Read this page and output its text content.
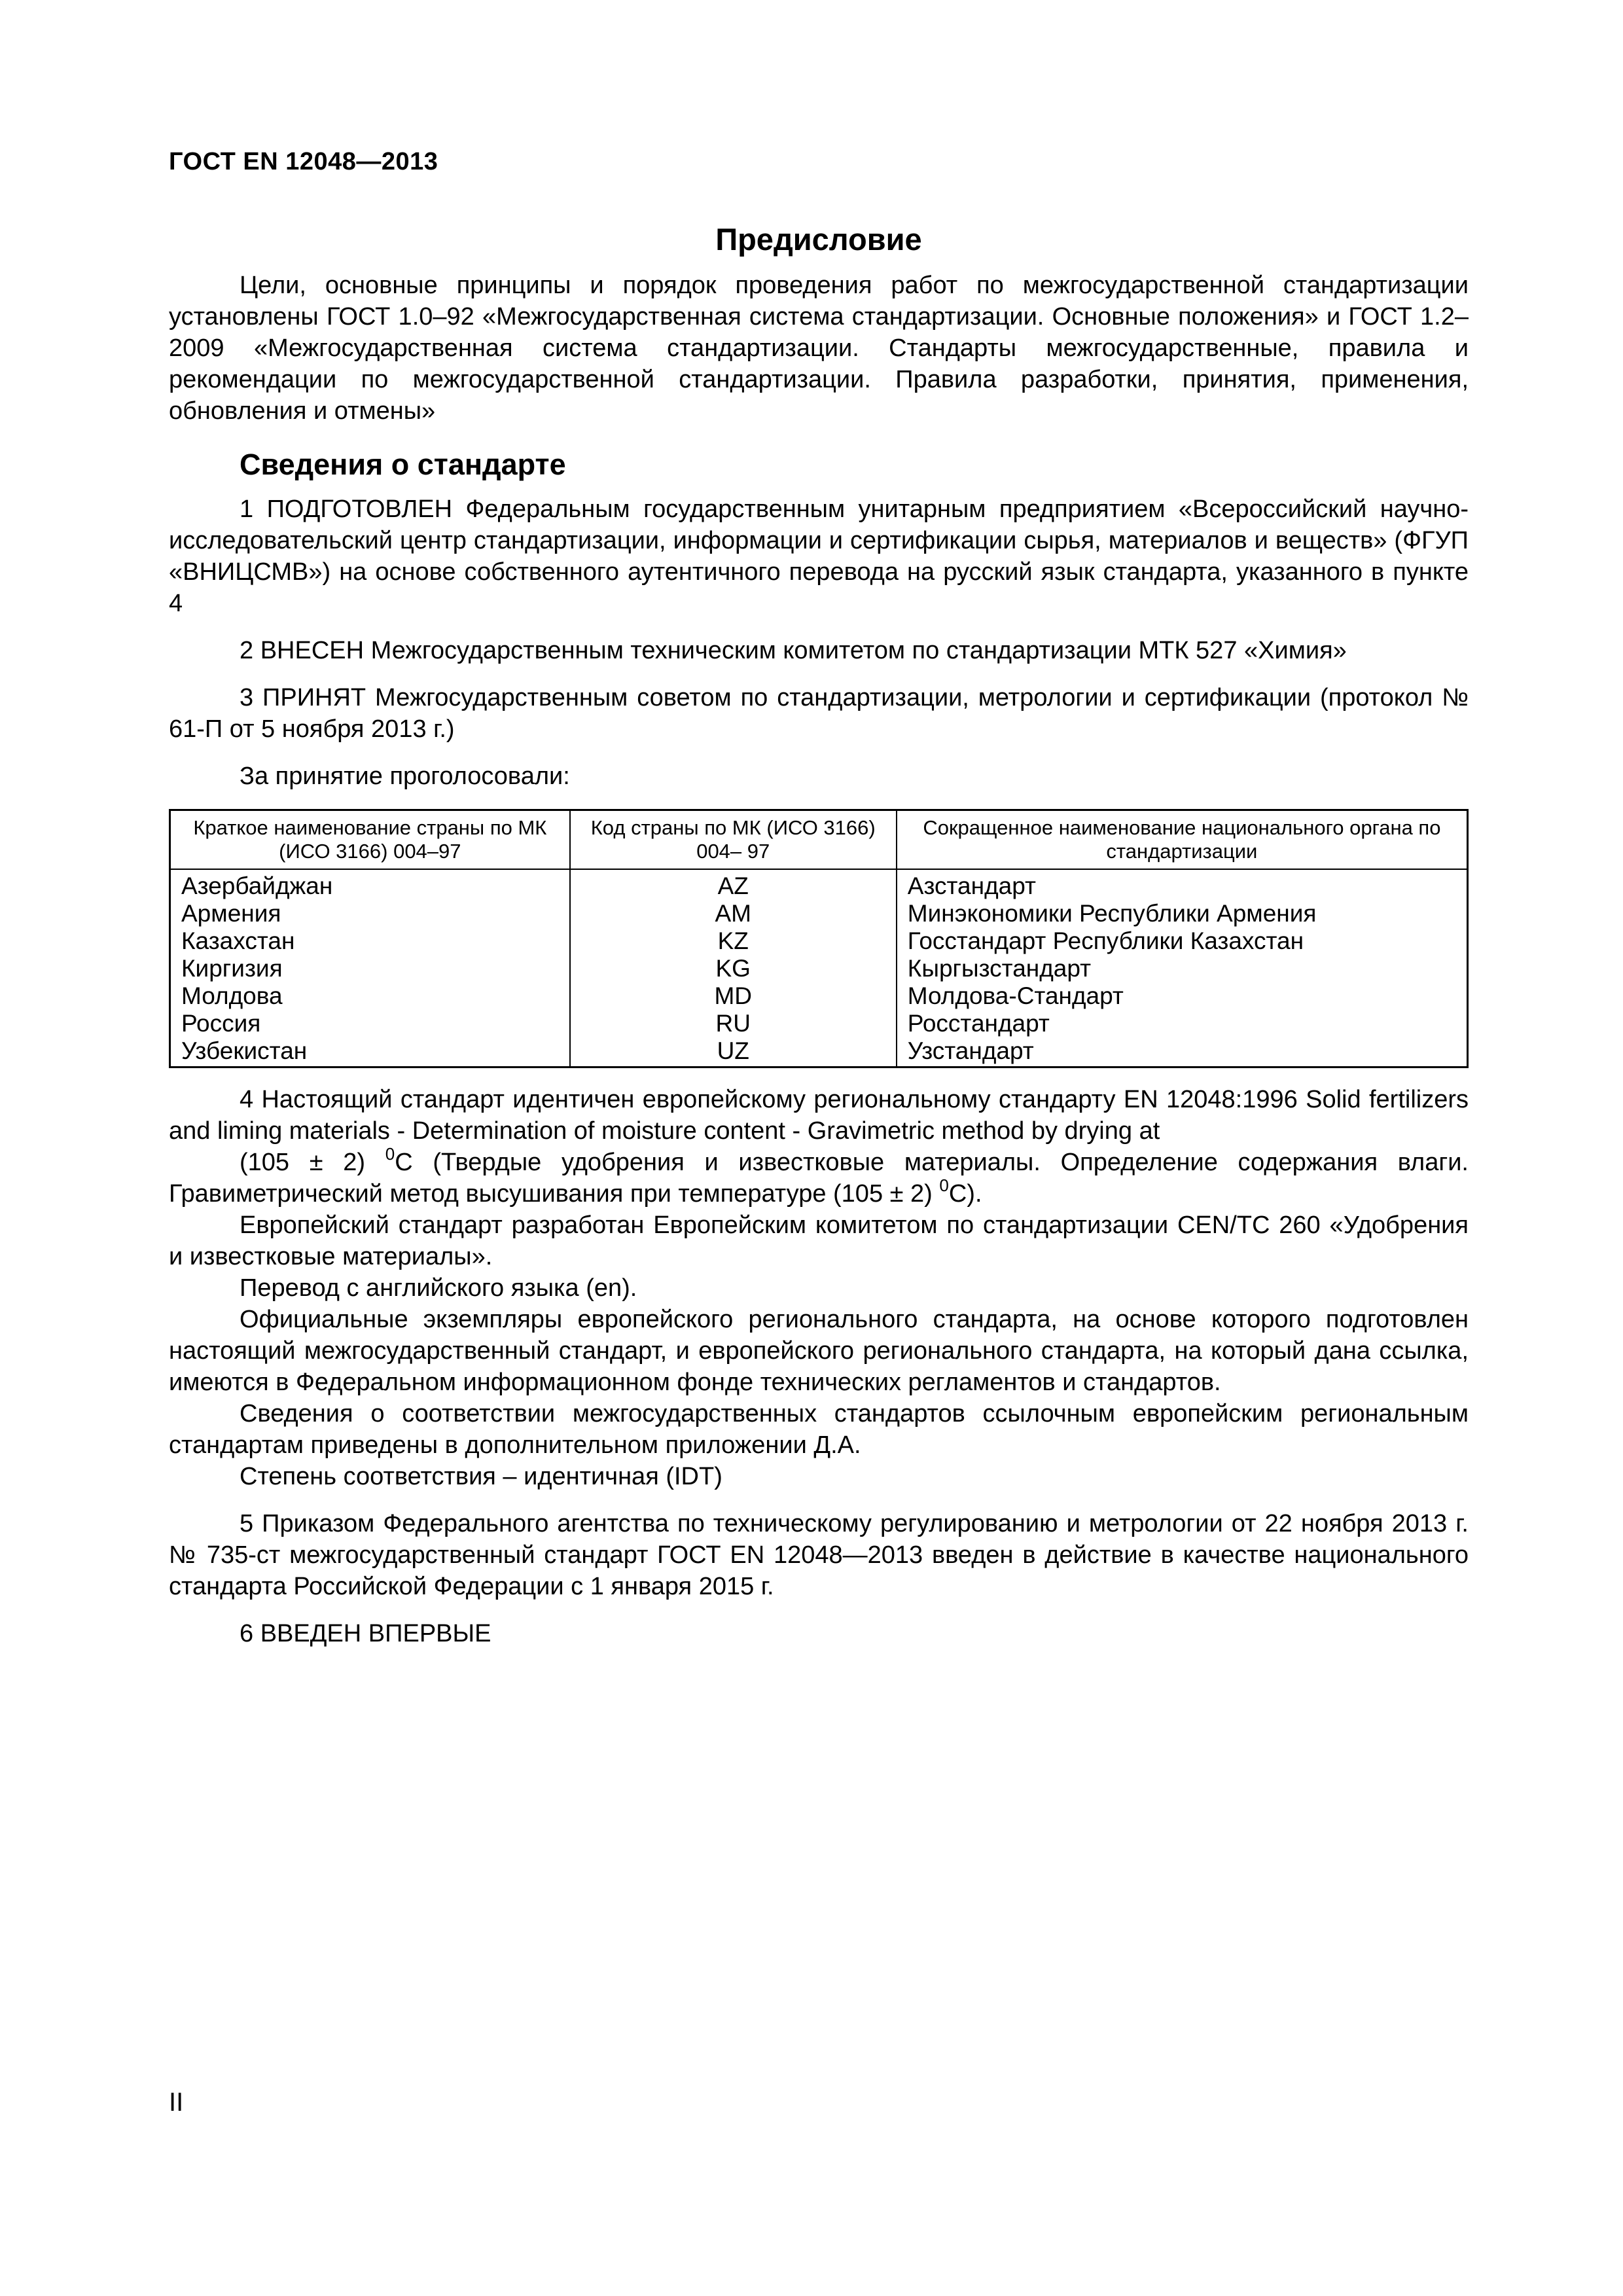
ГОСТ EN 12048—2013
Предисловие

Цели, основные принципы и порядок проведения работ по межгосударственной стандартизации установлены ГОСТ 1.0–92 «Межгосударственная система стандартизации. Основные положения» и ГОСТ 1.2–2009 «Межгосударственная система стандартизации. Стандарты межгосударственные, правила и рекомендации по межгосударственной стандартизации. Правила разработки, принятия, применения, обновления и отмены»

Сведения о стандарте

1 ПОДГОТОВЛЕН Федеральным государственным унитарным предприятием «Всероссийский научно-исследовательский центр стандартизации, информации и сертификации сырья, материалов и веществ» (ФГУП «ВНИЦСМВ») на основе собственного аутентичного перевода на русский язык стандарта, указанного в пункте 4

2 ВНЕСЕН Межгосударственным техническим комитетом по стандартизации МТК 527 «Химия»

3 ПРИНЯТ Межгосударственным советом по стандартизации, метрологии и сертификации (протокол № 61-П от 5 ноября 2013 г.)

За принятие проголосовали:

Краткое наименование страны по МК (ИСО 3166) 004–97	Код страны по МК (ИСО 3166) 004– 97	Сокращенное наименование национального органа по стандартизации
Азербайджан	AZ	Азстандарт
Армения	AM	Минэкономики Республики Армения
Казахстан	KZ	Госстандарт Республики Казахстан
Киргизия	KG	Кыргызстандарт
Молдова	MD	Молдова-Стандарт
Россия	RU	Росстандарт
Узбекистан	UZ	Узстандарт

4 Настоящий стандарт идентичен европейскому региональному стандарту EN 12048:1996 Solid fertilizers and liming materials - Determination of moisture content - Gravimetric method by drying at

(105 ± 2) $^0$C (Твердые удобрения и известковые материалы. Определение содержания влаги. Гравиметрический метод высушивания при температуре (105 ± 2) $^0$C).

Европейский стандарт разработан Европейским комитетом по стандартизации CEN/TC 260 «Удобрения и известковые материалы».

Перевод с английского языка (en).

Официальные экземпляры европейского регионального стандарта, на основе которого подготовлен настоящий межгосударственный стандарт, и европейского регионального стандарта, на который дана ссылка, имеются в Федеральном информационном фонде технических регламентов и стандартов.

Сведения о соответствии межгосударственных стандартов ссылочным европейским региональным стандартам приведены в дополнительном приложении Д.А.

Степень соответствия – идентичная (IDT)

5 Приказом Федерального агентства по техническому регулированию и метрологии от 22 ноября 2013 г. № 735-ст межгосударственный стандарт ГОСТ EN 12048—2013 введен в действие в качестве национального стандарта Российской Федерации с 1 января 2015 г.

6 ВВЕДЕН ВПЕРВЫЕ

II
